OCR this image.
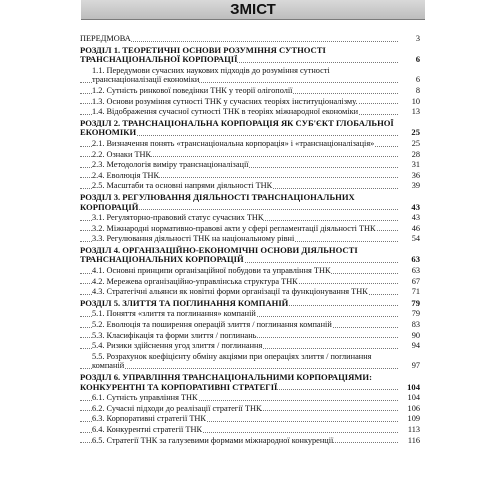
ЗМІСТ
ПЕРЕДМОВА	3
РОЗДІЛ 1. ТЕОРЕТИЧНІ ОСНОВИ РОЗУМІННЯ СУТНОСТІ ТРАНСНАЦІОНАЛЬНОЇ КОРПОРАЦІЇ	6
1.1. Передумови сучасних наукових підходів до розуміння сутності транснаціоналізації економіки	6
1.2. Сутність ринкової поведінки ТНК у теорії олігополії	8
1.3. Основи розуміння сутності ТНК у сучасних теоріях інституціоналізму.	10
1.4. Відображення сучасної сутності ТНК в теоріях міжнародної економіки	13
РОЗДІЛ 2. ТРАНСНАЦІОНАЛЬНА КОРПОРАЦІЯ ЯК СУБ'ЄКТ ГЛОБАЛЬНОЇ ЕКОНОМІКИ	25
2.1. Визначення понять «транснаціональна корпорація» і «транснаціоналізація»	25
2.2. Ознаки ТНК	28
2.3. Методологія виміру транснаціоналізації	31
2.4. Еволюція ТНК	36
2.5. Масштаби та основні напрями діяльності ТНК	39
РОЗДІЛ 3. РЕГУЛЮВАННЯ ДІЯЛЬНОСТІ ТРАНСНАЦІОНАЛЬНИХ КОРПОРАЦІЙ	43
3.1. Регуляторно-правовий статус сучасних ТНК	43
3.2. Міжнародні нормативно-правові акти у сфері регламентації діяльності ТНК	46
3.3. Регулювання діяльності ТНК на національному рівні	54
РОЗДІЛ 4. ОРГАНІЗАЦІЙНО-ЕКОНОМІЧНІ ОСНОВИ ДІЯЛЬНОСТІ ТРАНСНАЦІОНАЛЬНИХ КОРПОРАЦІЙ	63
4.1. Основні принципи організаційної побудови та управління ТНК	63
4.2. Мережева організаційно-управлінська структура ТНК	67
4.3. Стратегічні альянси як новітні форми організації та функціонування ТНК	71
РОЗДІЛ 5. ЗЛИТТЯ ТА ПОГЛИНАННЯ КОМПАНІЙ	79
5.1. Поняття «злиття та поглинання» компаній	79
5.2. Еволюція та поширення операцій злиття / поглинання компаній	83
5.3. Класифікація та форми злиття / поглинань	90
5.4. Ризики здійснення угод злиття / поглинання	94
5.5. Розрахунок коефіцієнту обміну акціями при операціях злиття / поглинання компаній	97
РОЗДІЛ 6. УПРАВЛІННЯ ТРАНСНАЦІОНАЛЬНИМИ КОРПОРАЦІЯМИ: КОНКУРЕНТНІ ТА КОРПОРАТИВНІ СТРАТЕГІЇ	104
6.1. Сутність управління ТНК	104
6.2. Сучасні підходи до реалізації стратегії ТНК	106
6.3. Корпоративні стратегії ТНК	109
6.4. Конкурентні стратегії ТНК	113
6.5. Стратегії ТНК за галузевими формами міжнародної конкуренції	116
